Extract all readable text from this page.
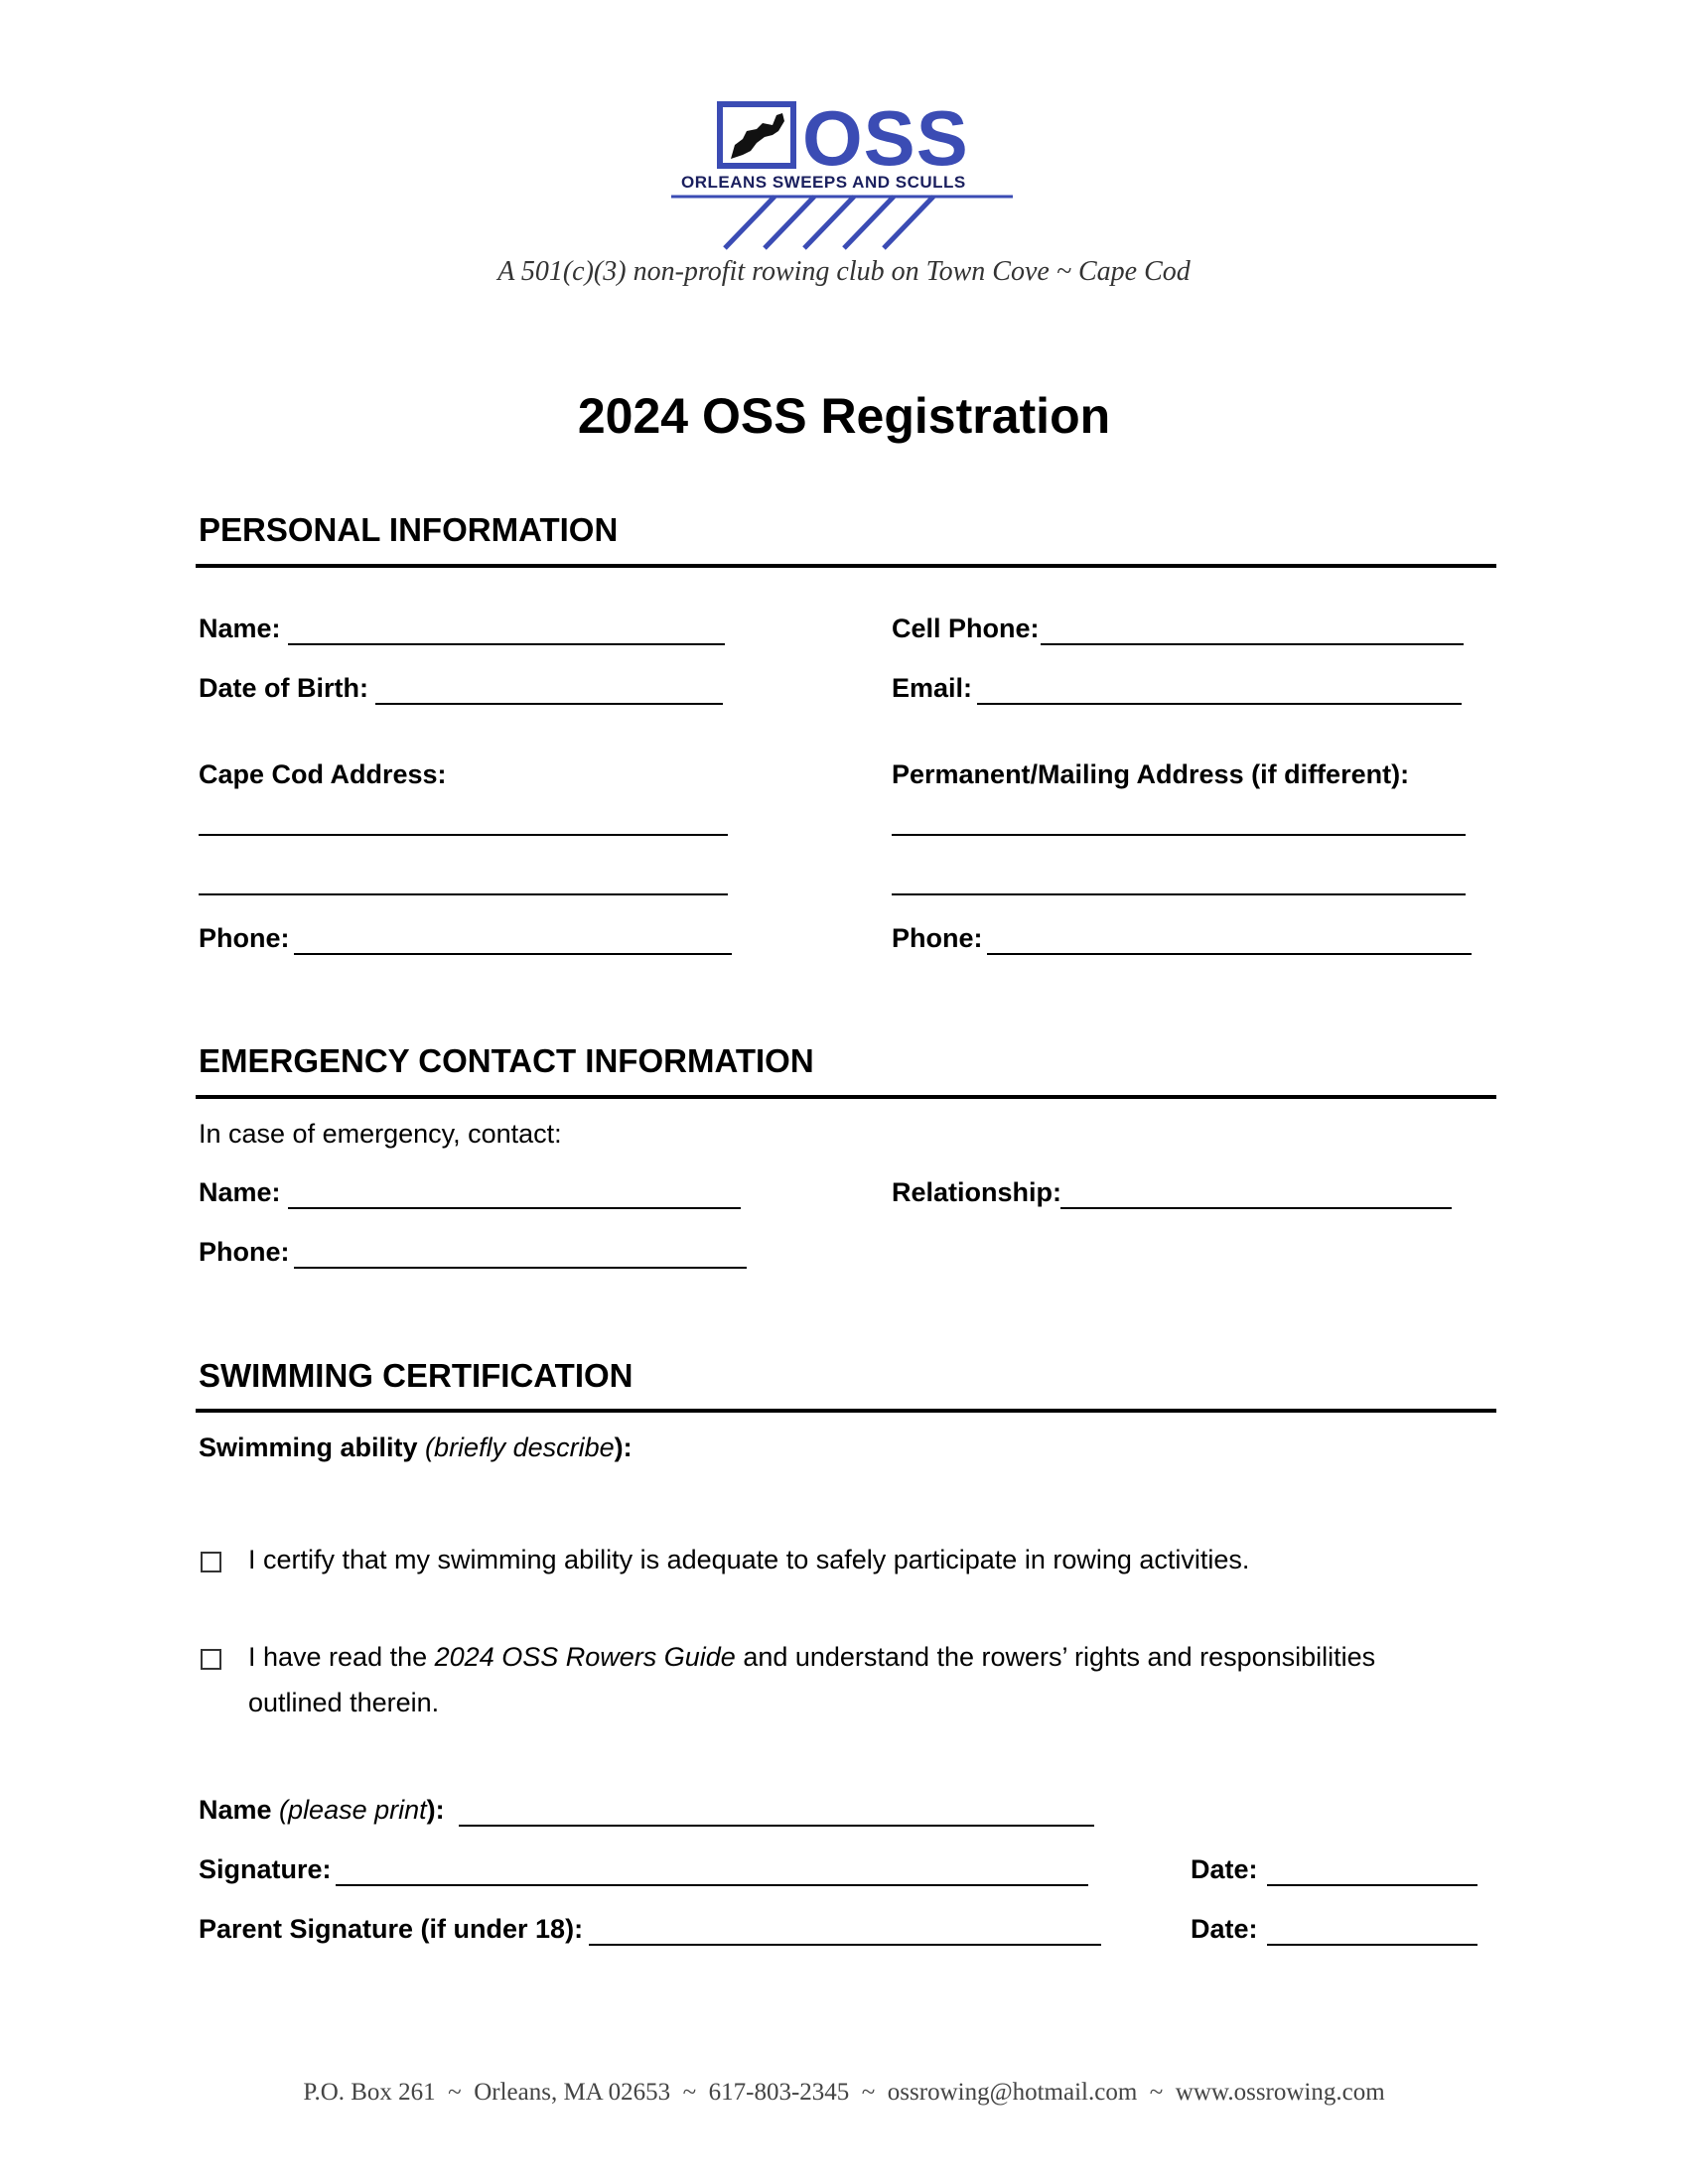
OSS
ORLEANS SWEEPS AND SCULLS
A 501(c)(3) non-profit rowing club on Town Cove ~ Cape Cod
2024 OSS Registration
PERSONAL INFORMATION
Name:	Cell Phone:
Date of Birth:	Email:
Cape Cod Address:	Permanent/Mailing Address (if different):
Phone:	Phone:
EMERGENCY CONTACT INFORMATION
In case of emergency, contact:
Name:	Relationship:
Phone:
SWIMMING CERTIFICATION
Swimming ability (briefly describe):
I certify that my swimming ability is adequate to safely participate in rowing activities.
I have read the 2024 OSS Rowers Guide and understand the rowers’ rights and responsibilities
outlined therein.
Name (please print):
Signature:	Date:
Parent Signature (if under 18):	Date:
P.O. Box 261  ~  Orleans, MA 02653  ~  617-803-2345  ~  ossrowing@hotmail.com  ~  www.ossrowing.com
